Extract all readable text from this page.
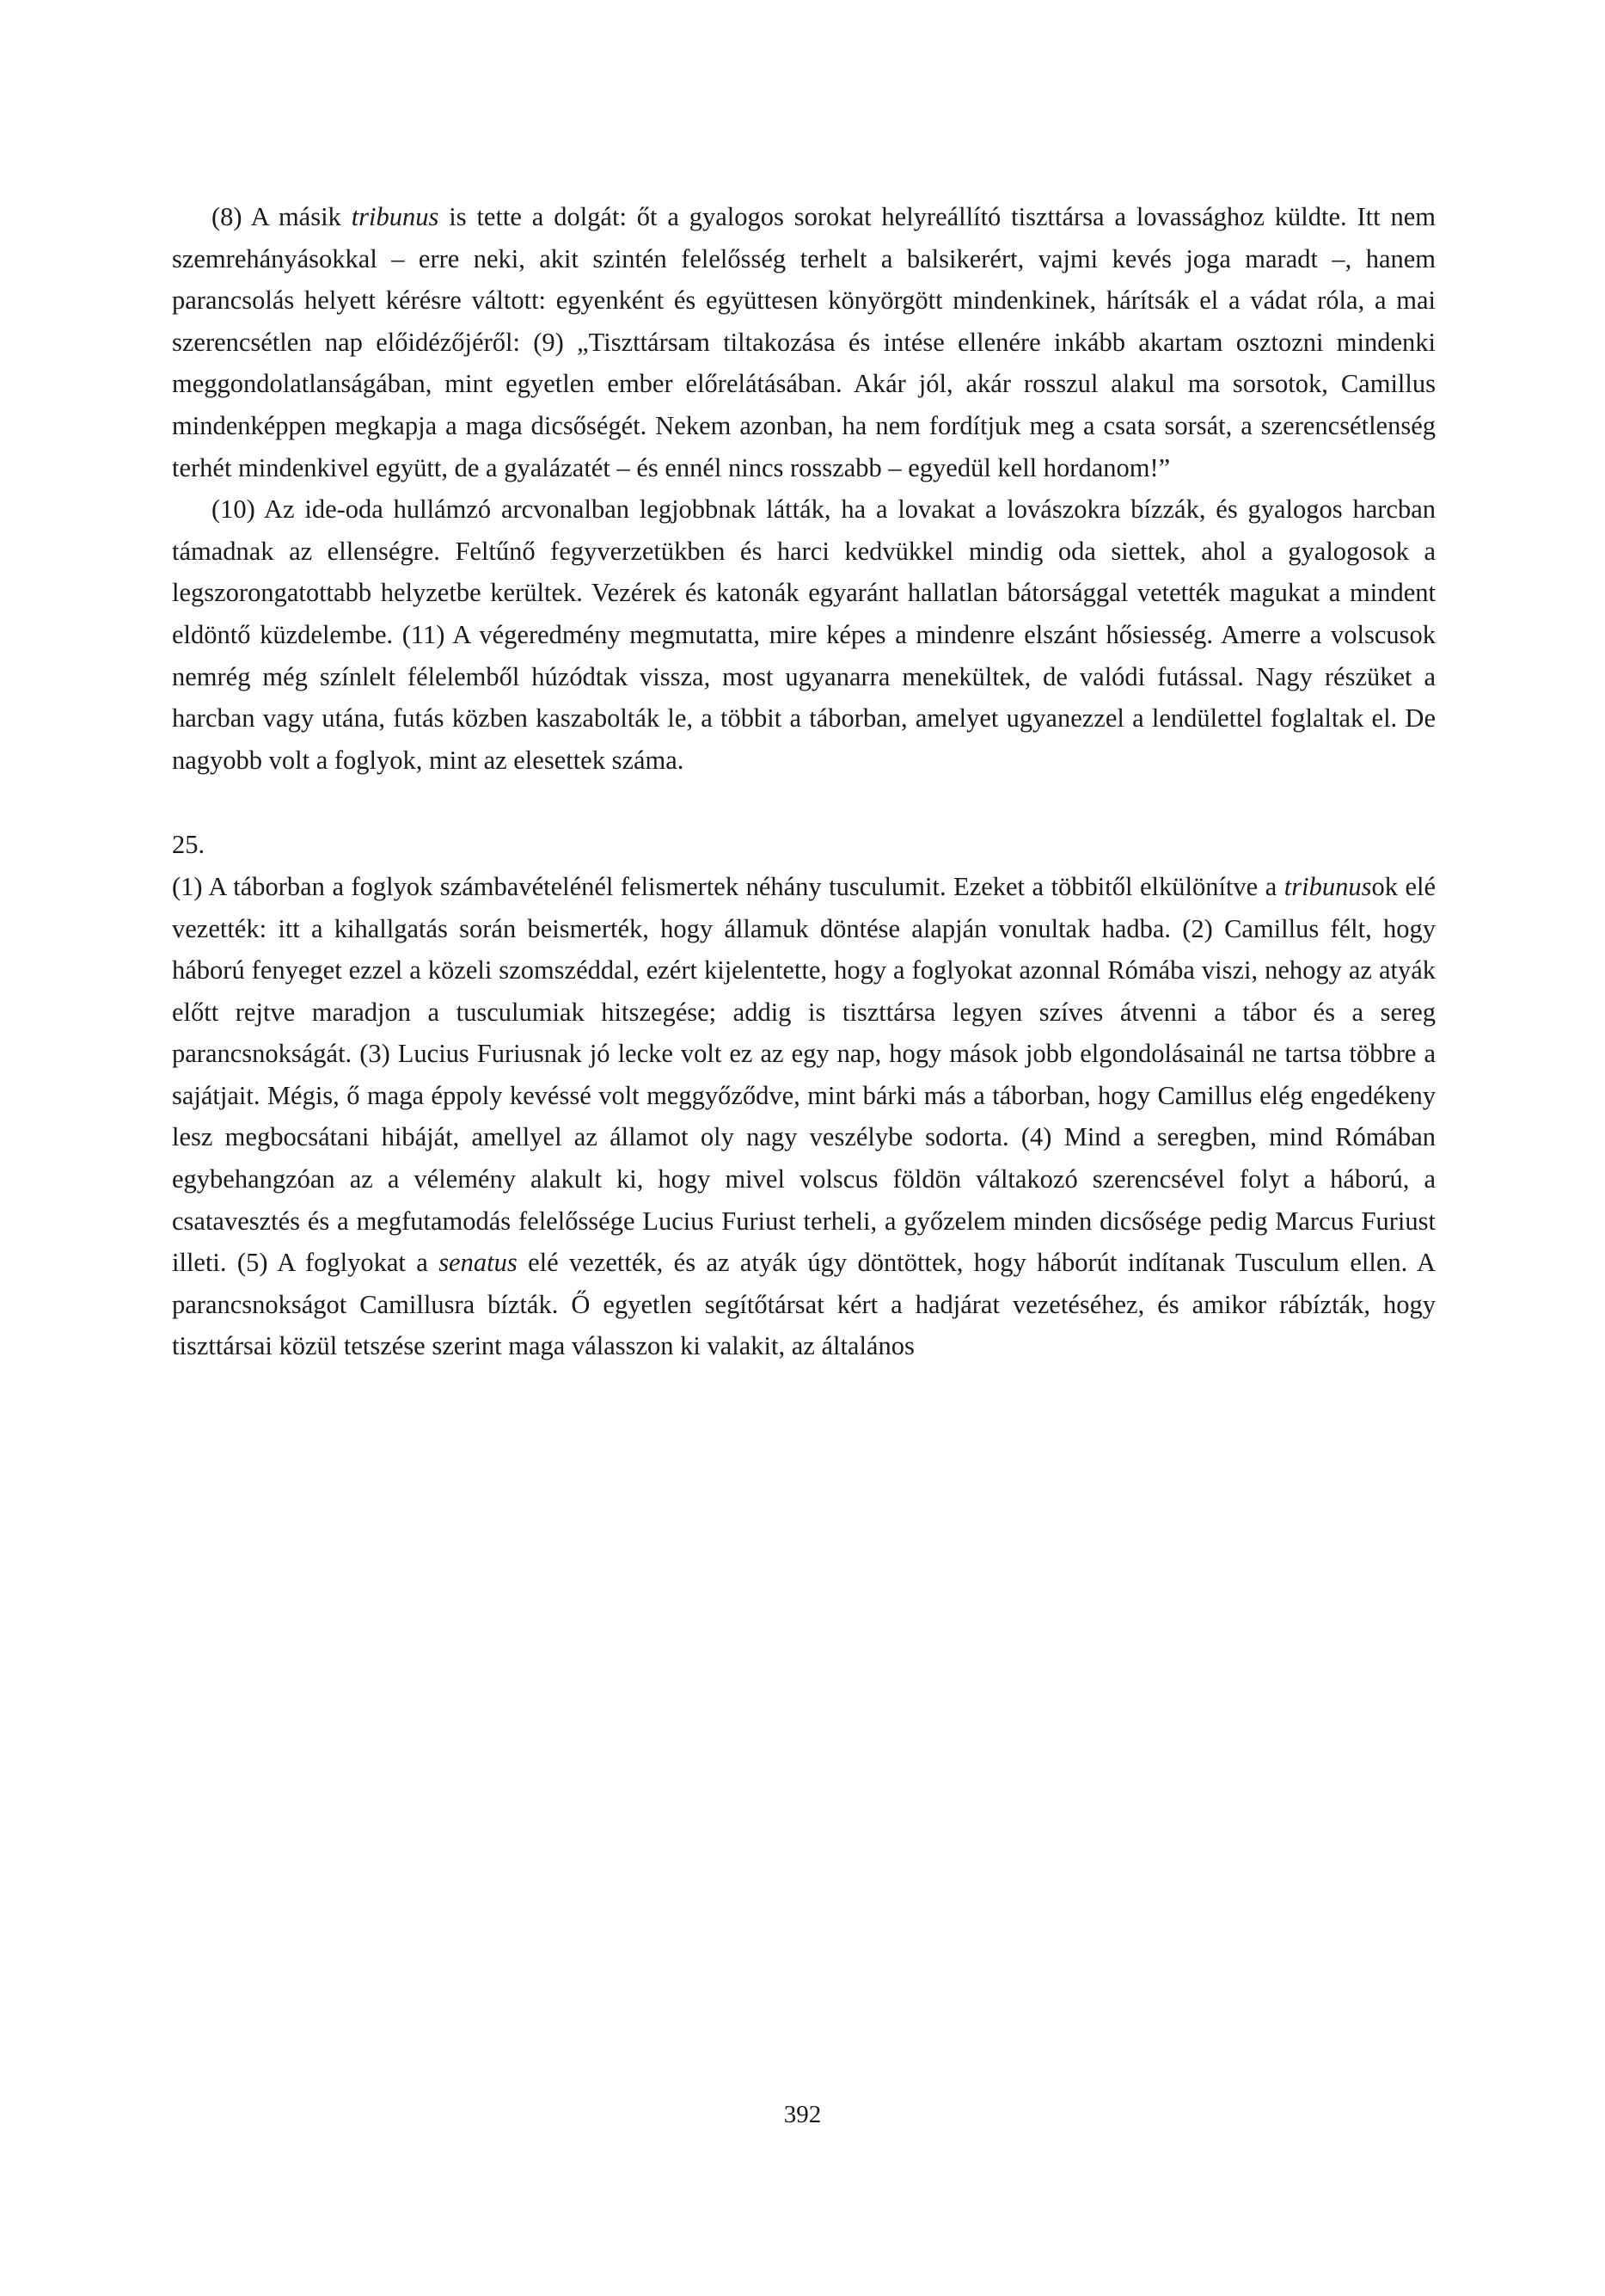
(8) A másik tribunus is tette a dolgát: őt a gyalogos sorokat helyreállító tiszttársa a lovassághoz küldte. Itt nem szemrehányásokkal – erre neki, akit szintén felelősség terhelt a balsikerért, vajmi kevés joga maradt –, hanem parancsolás helyett kérésre váltott: egyenként és együttesen könyörgött mindenkinek, hárítsák el a vádat róla, a mai szerencsétlen nap előidézőjéről: (9) „Tiszttársam tiltakozása és intése ellenére inkább akartam osztozni mindenki meggondolatlanságában, mint egyetlen ember előrelátásában. Akár jól, akár rosszul alakul ma sorsotok, Camillus mindenképpen megkapja a maga dicsőségét. Nekem azonban, ha nem fordítjuk meg a csata sorsát, a szerencsétlenség terhét mindenkivel együtt, de a gyalázatét – és ennél nincs rosszabb – egyedül kell hordanom!”

(10) Az ide-oda hullámzó arcvonalban legjobbnak látták, ha a lovakat a lovászokra bízzák, és gyalogos harcban támadnak az ellenségre. Feltűnő fegyverzetükben és harci kedvükkel mindig oda siettek, ahol a gyalogosok a legszorongatottabb helyzetbe kerültek. Vezérek és katonák egyaránt hallatlan bátorsággal vetették magukat a mindent eldöntő küzdelembe. (11) A végeredmény megmutatta, mire képes a mindenre elszánt hősiesség. Amerre a volscusok nemrég még színlelt félelemből húzódtak vissza, most ugyanarra menekültek, de valódi futással. Nagy részüket a harcban vagy utána, futás közben kaszabolták le, a többit a táborban, amelyet ugyanezzel a lendülettel foglaltak el. De nagyobb volt a foglyok, mint az elesettek száma.

25.

(1) A táborban a foglyok számbavételénél felismertek néhány tusculumit. Ezeket a többitől elkülönítve a tribunusok elé vezették: itt a kihallgatás során beismerték, hogy államuk döntése alapján vonultak hadba. (2) Camillus félt, hogy háború fenyeget ezzel a közeli szomszéddal, ezért kijelentette, hogy a foglyokat azonnal Rómába viszi, nehogy az atyák előtt rejtve maradjon a tusculumiak hitszegése; addig is tiszttársa legyen szíves átvenni a tábor és a sereg parancsnokságát. (3) Lucius Furiusnak jó lecke volt ez az egy nap, hogy mások jobb elgondolásainál ne tartsa többre a sajátjait. Mégis, ő maga éppoly kevéssé volt meggyőződve, mint bárki más a táborban, hogy Camillus elég engedékeny lesz megbocsátani hibáját, amellyel az államot oly nagy veszélybe sodorta. (4) Mind a seregben, mind Rómában egybehangzóan az a vélemény alakult ki, hogy mivel volscus földön váltakozó szerencsével folyt a háború, a csatavesztés és a megfutamodás felelőssége Lucius Furiust terheli, a győzelem minden dicsősége pedig Marcus Furiust illeti. (5) A foglyokat a senatus elé vezették, és az atyák úgy döntöttek, hogy háborút indítanak Tusculum ellen. A parancsnokságot Camillusra bízták. Ő egyetlen segítőtársat kért a hadjárat vezetéséhez, és amikor rábízták, hogy tiszttársai közül tetszése szerint maga válasszon ki valakit, az általános

392
